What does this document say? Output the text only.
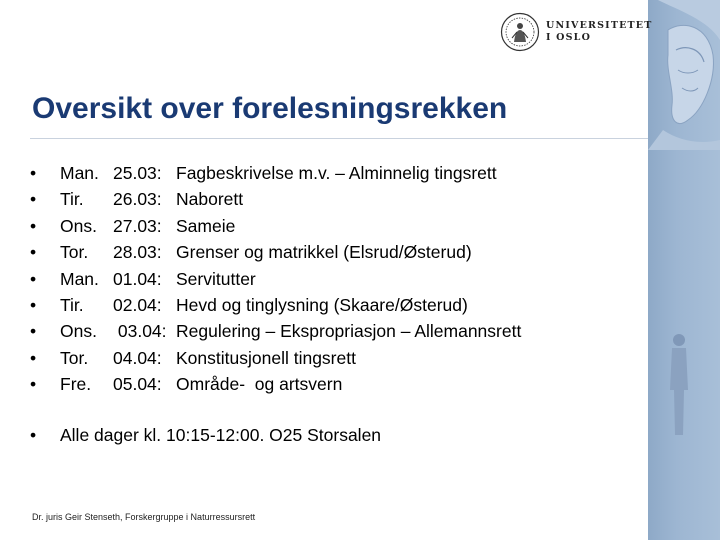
UNIVERSITETET
I OSLO
Oversikt over forelesningsrekken
• Man. 25.03: Fagbeskrivelse m.v. – Alminnelig tingsrett
• Tir. 26.03: Naborett
• Ons. 27.03: Sameie
• Tor. 28.03: Grenser og matrikkel (Elsrud/Østerud)
• Man. 01.04: Servitutter
• Tir. 02.04: Hevd og tinglysning (Skaare/Østerud)
• Ons. 03.04: Regulering – Ekspropriasjon – Allemannsrett
• Tor. 04.04: Konstitusjonell tingsrett
• Fre. 05.04: Område-  og artsvern
• Alle dager kl. 10:15-12:00. O25 Storsalen
Dr. juris Geir Stenseth, Forskergruppe i Naturressursrett
